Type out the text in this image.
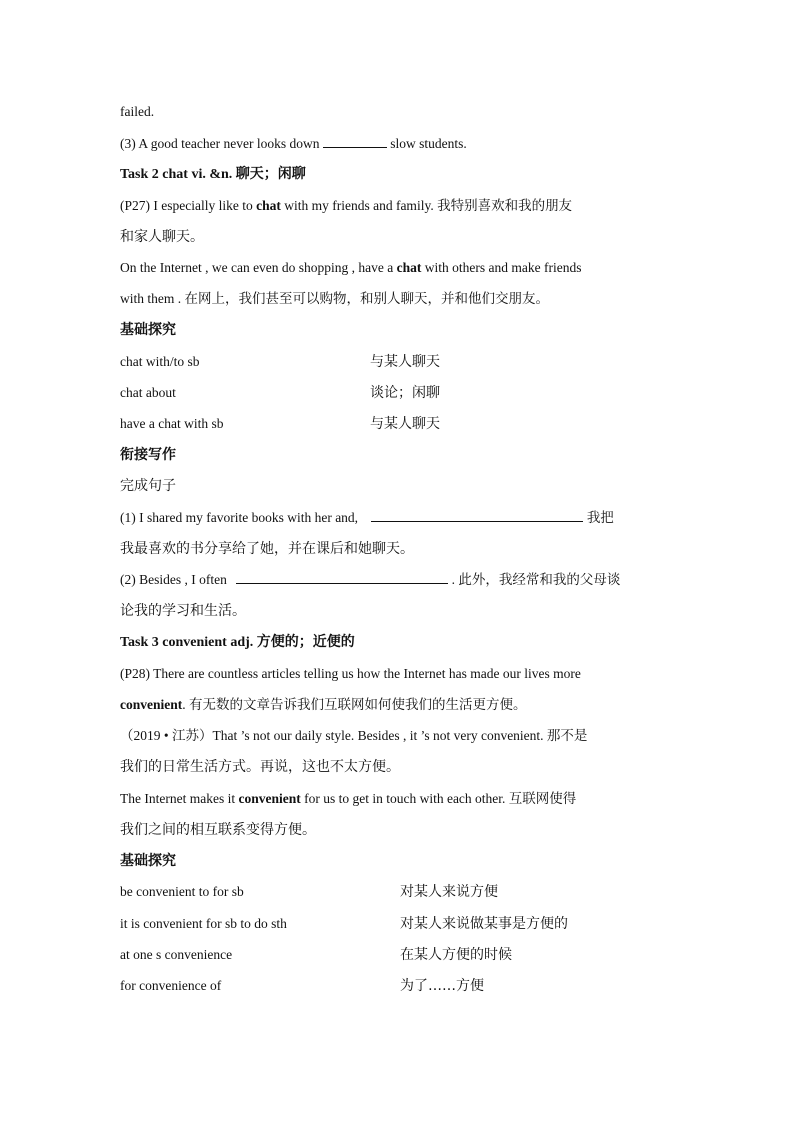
failed.
(3) A good teacher never looks down	slow students.
Task 2 chat vi. &n. 聊天；闲聊
(P27) I especially like to chat with my friends and family. 我特别喜欢和我的朋友
和家人聊天。
On the Internet , we can even do shopping , have a chat with others and make friends
with them . 在网上，我们甚至可以购物，和别人聊天，并和他们交朋友。
基础探究
chat with/to sb	与某人聊天
chat about	谈论；闲聊
have a chat with sb	与某人聊天
衔接写作
完成句子
(1) I shared my favorite books with her and,	我把
我最喜欢的书分享给了她，并在课后和她聊天。
(2) Besides , I often	. 此外，我经常和我的父母谈
论我的学习和生活。
Task 3 convenient adj. 方便的；近便的
(P28) There are countless articles telling us how the Internet has made our lives more
convenient. 有无数的文章告诉我们互联网如何使我们的生活更方便。
（2019 • 江苏）That ’s not our daily style. Besides , it ’s not very convenient. 那不是
我们的日常生活方式。再说，这也不太方便。
The Internet makes it convenient for us to get in touch with each other. 互联网使得
我们之间的相互联系变得方便。
基础探究
be convenient to for sb	对某人来说方便
it is convenient for sb to do sth	对某人来说做某事是方便的
at one s convenience	在某人方便的时候
for convenience of	为了……方便
